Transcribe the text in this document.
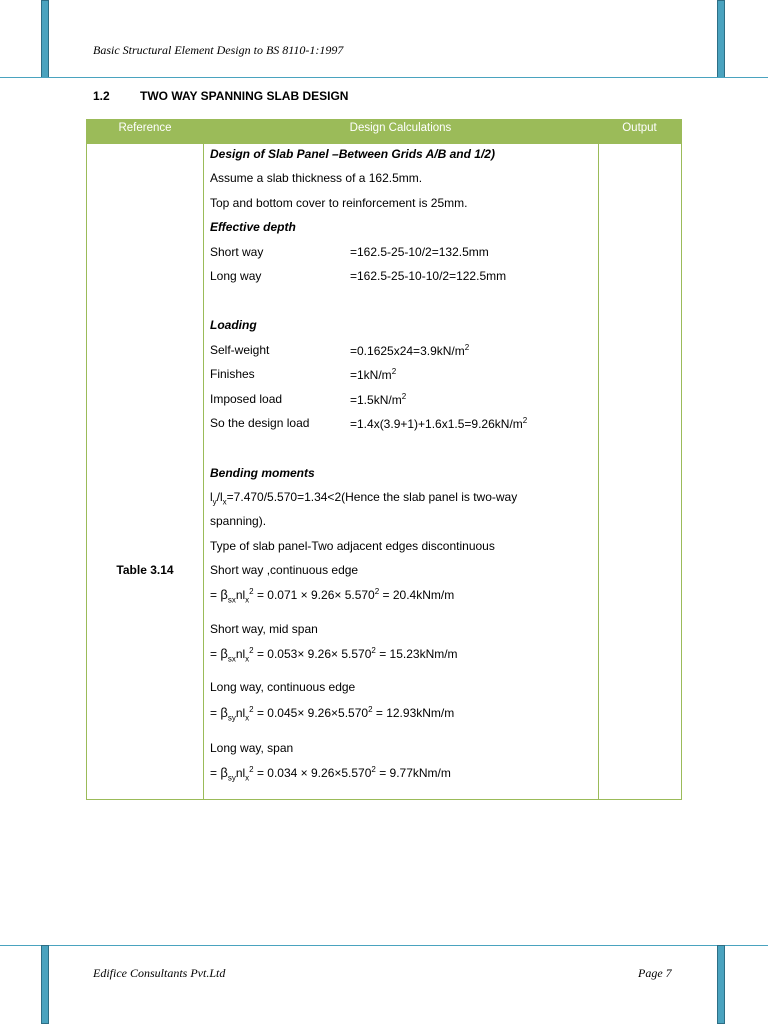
Basic Structural Element Design to BS 8110-1:1997
1.2	TWO WAY SPANNING SLAB DESIGN
Reference	Design Calculations	Output
Table 3.14
Design of Slab Panel –Between Grids A/B and 1/2)
Assume a slab thickness of a 162.5mm.
Top and bottom cover to reinforcement is 25mm.
Effective depth
Short way	=162.5-25-10/2=132.5mm
Long way	=162.5-25-10-10/2=122.5mm
Loading
Self-weight	$=0.1625x24=3.9kN/m^2$
Finishes	$=1kN/m^2$
Imposed load	$=1.5kN/m^2$
So the design load	$=1.4x(3.9+1)+1.6x1.5=9.26kN/m^2$
Bending moments
$l_y/l_x=7.470/5.570=1.34<2(Hence$ the slab panel is two-way
spanning).
Type of slab panel-Two adjacent edges discontinuous
Short way ,continuous edge
= $\beta_{sx}nl_x^2 = 0.071 \times 9.26\times 5.570^2 = 20.4kNm/m$
Short way, mid span
= $\beta_{sx}nl_x^2 = 0.053\times 9.26\times 5.570^2 = 15.23kNm/m$
Long way, continuous edge
= $\beta_{sy}nl_x^2 = 0.045\times 9.26\times 5.570^2 = 12.93kNm/m$
Long way, span
= $\beta_{sy}nl_x^2 = 0.034 \times 9.26\times 5.570^2 = 9.77kNm/m$
Edifice Consultants Pvt.Ltd	Page 7
